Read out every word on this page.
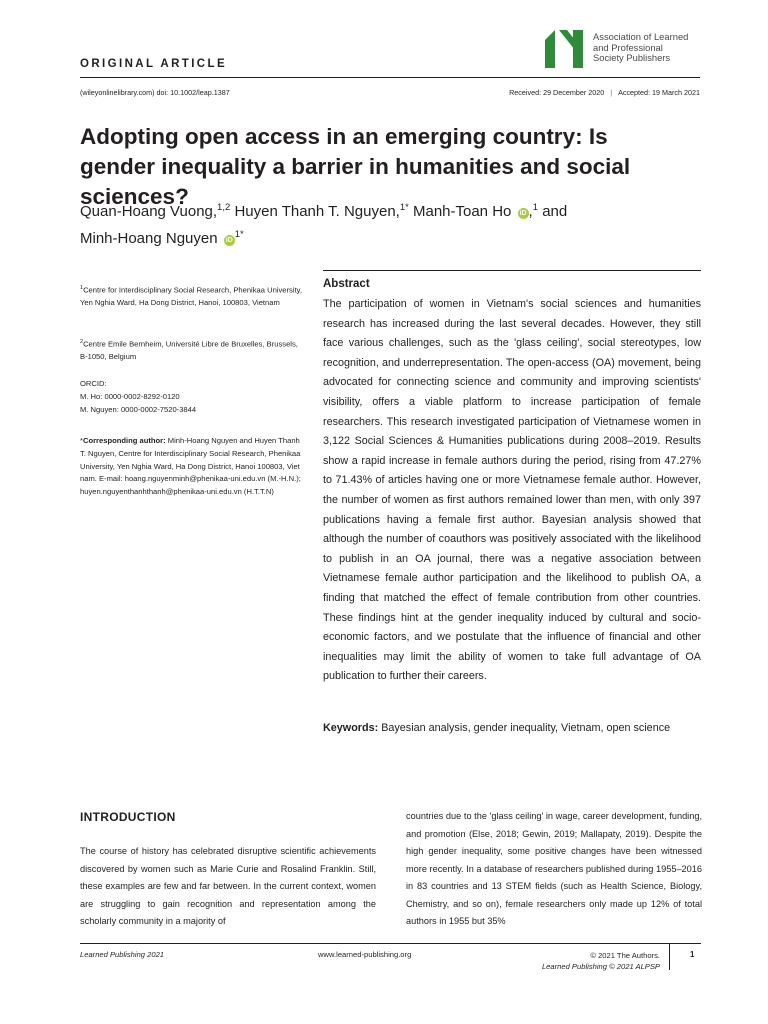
ORIGINAL ARTICLE
Association of Learned
and Professional
Society Publishers
(wileyonlinelibrary.com) doi: 10.1002/leap.1387	Received: 29 December 2020 | Accepted: 19 March 2021
Adopting open access in an emerging country: Is gender inequality a barrier in humanities and social sciences?
Quan-Hoang Vuong,$^{1,2}$ Huyen Thanh T. Nguyen,$^{1*}$ Manh-Toan Ho iD ,$^1$ and
Minh-Hoang Nguyen $iD^{1*}$
$^1$Centre for Interdisciplinary Social Research, Phenikaa University, Yen Nghia Ward, Ha Dong District, Hanoi, 100803, Vietnam
$^2$Centre Emile Bernheim, Université Libre de Bruxelles, Brussels, B-1050, Belgium
ORCID:
M. Ho: 0000-0002-8292-0120
M. Nguyen: 0000-0002-7520-3844
*Corresponding author: Minh-Hoang Nguyen and Huyen Thanh T. Nguyen, Centre for Interdisciplinary Social Research, Phenikaa University, Yen Nghia Ward, Ha Dong District, Hanoi 100803, Vietnam. E-mail: hoang.nguyenminh@phenikaa-uni.edu.vn (M.-H.N.); huyen.nguyenthanhthanh@phenikaa-uni.edu.vn (H.T.T.N)
Abstract
The participation of women in Vietnam's social sciences and humanities research has increased during the last several decades. However, they still face various challenges, such as the 'glass ceiling', social stereotypes, low recognition, and underrepresentation. The open-access (OA) movement, being advocated for connecting science and community and improving scientists' visibility, offers a viable platform to increase participation of female researchers. This research investigated participation of Vietnamese women in 3,122 Social Sciences & Humanities publications during 2008–2019. Results show a rapid increase in female authors during the period, rising from 47.27% to 71.43% of articles having one or more Vietnamese female author. However, the number of women as first authors remained lower than men, with only 397 publications having a female first author. Bayesian analysis showed that although the number of coauthors was positively associated with the likelihood to publish in an OA journal, there was a negative association between Vietnamese female author participation and the likelihood to publish OA, a finding that matched the effect of female contribution from other countries. These findings hint at the gender inequality induced by cultural and socio-economic factors, and we postulate that the influence of financial and other inequalities may limit the ability of women to take full advantage of OA publication to further their careers.
Keywords: Bayesian analysis, gender inequality, Vietnam, open science
INTRODUCTION
The course of history has celebrated disruptive scientific achievements discovered by women such as Marie Curie and Rosalind Franklin. Still, these examples are few and far between. In the current context, women are struggling to gain recognition and representation among the scholarly community in a majority of
countries due to the 'glass ceiling' in wage, career development, funding, and promotion (Else, 2018; Gewin, 2019; Mallapaty, 2019). Despite the high gender inequality, some positive changes have been witnessed more recently. In a database of researchers published during 1955–2016 in 83 countries and 13 STEM fields (such as Health Science, Biology, Chemistry, and so on), female researchers only made up 12% of total authors in 1955 but 35%
Learned Publishing 2021	www.learned-publishing.org	© 2021 The Authors.
Learned Publishing © 2021 ALPSP
1
